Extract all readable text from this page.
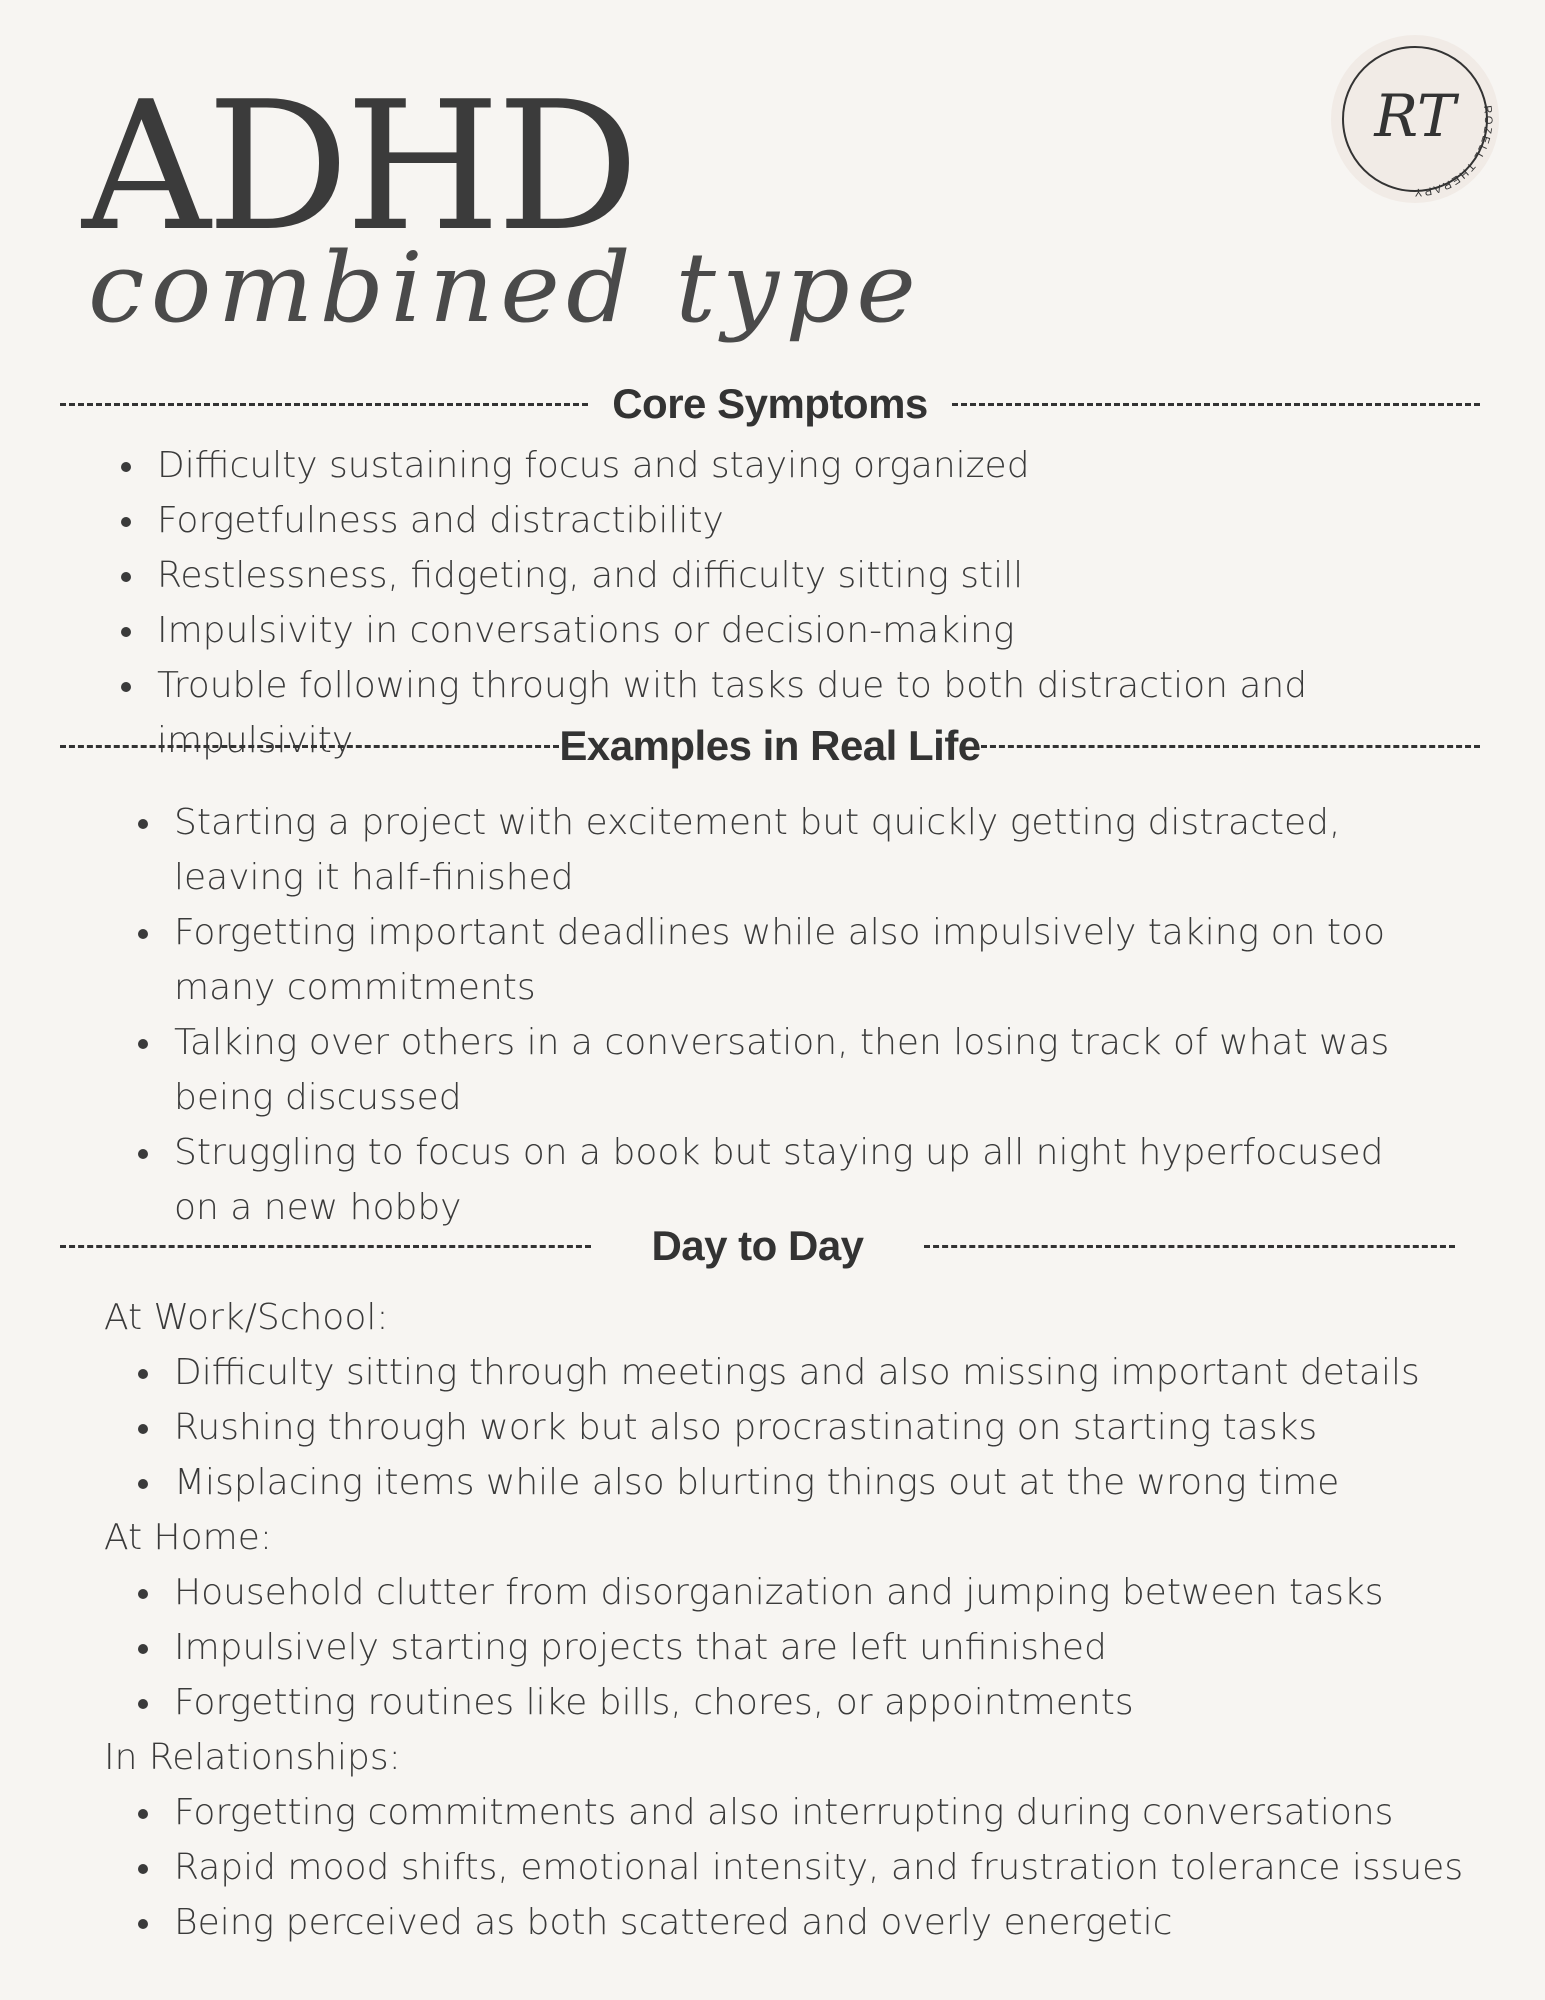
ADHD
combined type
RT	ROZELL THERAPY
Core Symptoms
Difficulty sustaining focus and staying organized
Forgetfulness and distractibility
Restlessness, fidgeting, and difficulty sitting still
Impulsivity in conversations or decision-making
Trouble following through with tasks due to both distraction and impulsivity	Examples in Real Life
Starting a project with excitement but quickly getting distracted, leaving it half-finished
Forgetting important deadlines while also impulsively taking on too many commitments
Talking over others in a conversation, then losing track of what was being discussed
Struggling to focus on a book but staying up all night hyperfocused on a new hobby
Day to Day
At Work/School:
Difficulty sitting through meetings and also missing important details
Rushing through work but also procrastinating on starting tasks
Misplacing items while also blurting things out at the wrong time
At Home:
Household clutter from disorganization and jumping between tasks
Impulsively starting projects that are left unfinished
Forgetting routines like bills, chores, or appointments
In Relationships:
Forgetting commitments and also interrupting during conversations
Rapid mood shifts, emotional intensity, and frustration tolerance issues
Being perceived as both scattered and overly energetic
